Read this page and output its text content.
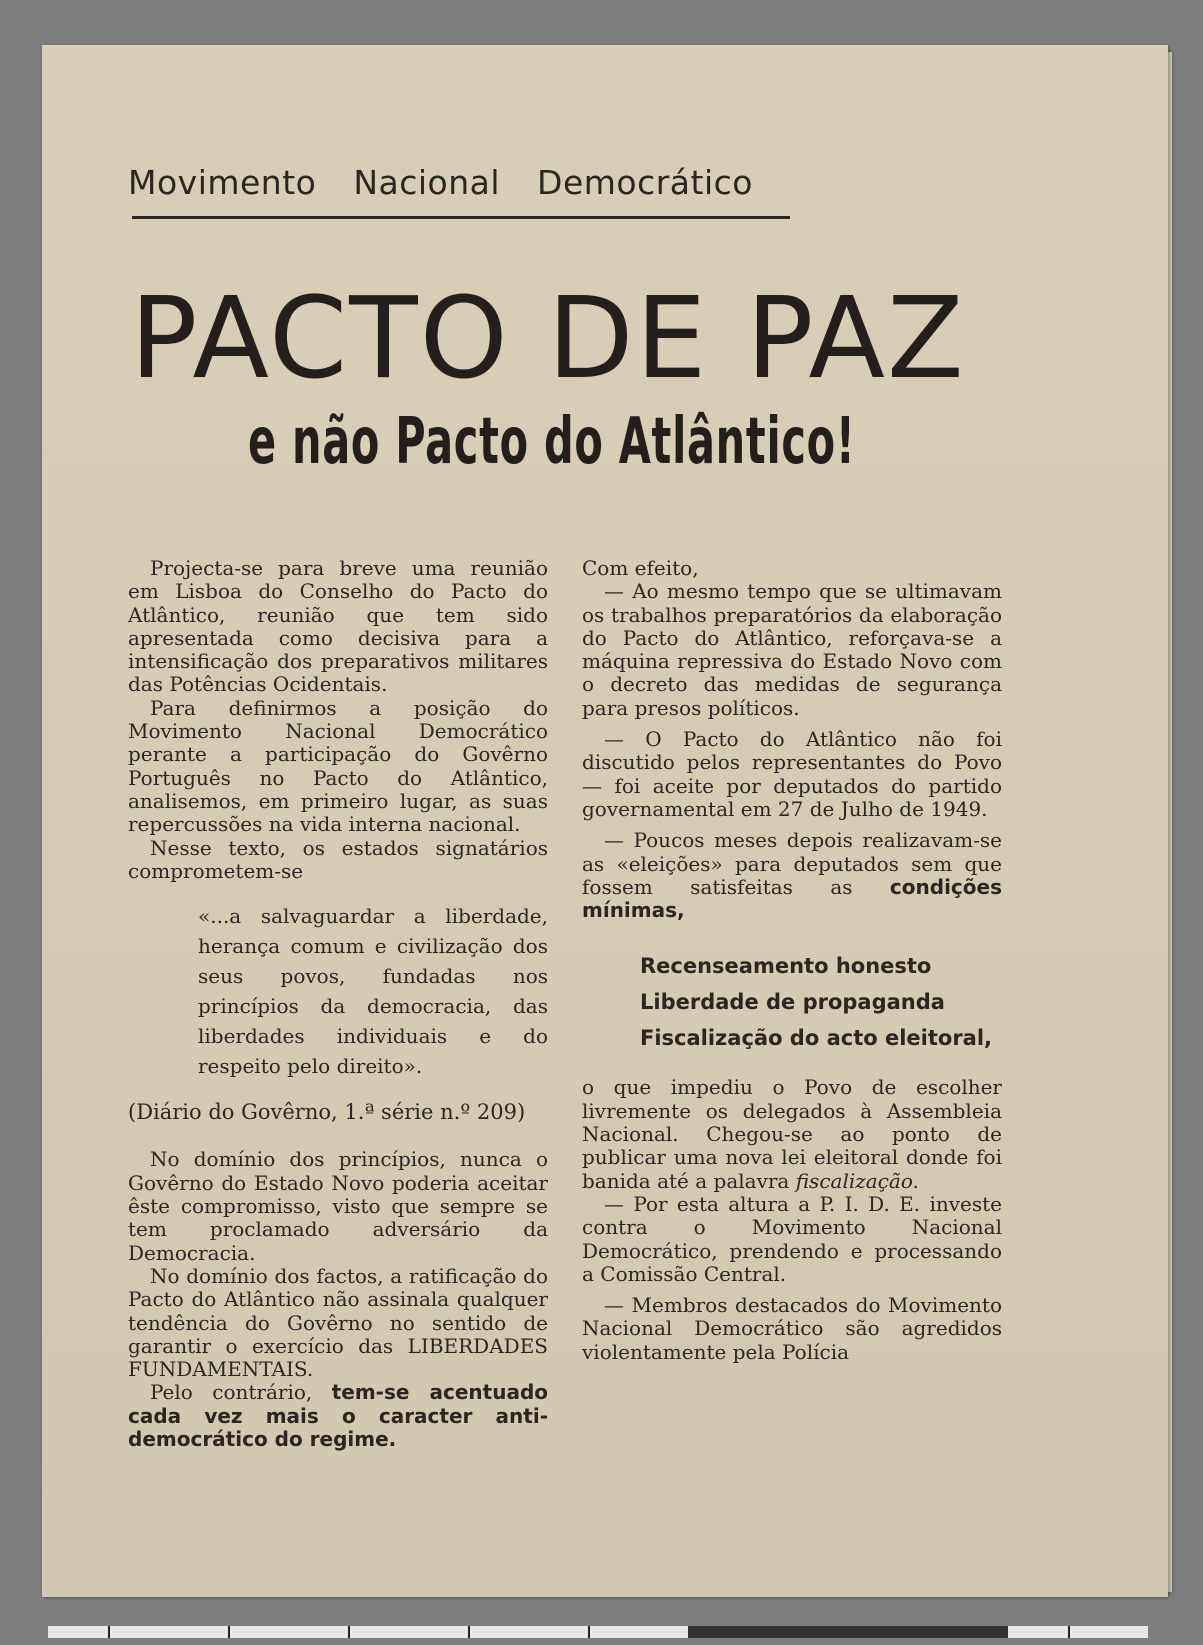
Movimento Nacional Democrático
PACTO DE PAZ
e não Pacto do Atlântico!

Projecta-se para breve uma reunião em Lisboa do Conselho do Pacto do Atlântico, reunião que tem sido apresentada como decisiva para a intensificação dos preparativos militares das Potências Ocidentais.

Para definirmos a posição do Movimento Nacional Democrático perante a participação do Govêrno Português no Pacto do Atlântico, analisemos, em primeiro lugar, as suas repercussões na vida interna nacional.

Nesse texto, os estados signatários comprometem-se

«...a salvaguardar a liberdade, herança comum e civilização dos seus povos, fundadas nos princípios da democracia, das liberdades individuais e do respeito pelo direito».

(Diário do Govêrno, 1.ª série n.º 209)

No domínio dos princípios, nunca o Govêrno do Estado Novo poderia aceitar êste compromisso, visto que sempre se tem proclamado adversário da Democracia.

No domínio dos factos, a ratificação do Pacto do Atlântico não assinala qualquer tendência do Govêrno no sentido de garantir o exercício das LIBERDADES FUNDAMENTAIS.

Pelo contrário, tem-se acentuado cada vez mais o caracter anti-democrático do regime.

Com efeito,

— Ao mesmo tempo que se ultimavam os trabalhos preparatórios da elaboração do Pacto do Atlântico, reforçava-se a máquina repressiva do Estado Novo com o decreto das medidas de segurança para presos políticos.

— O Pacto do Atlântico não foi discutido pelos representantes do Povo — foi aceite por deputados do partido governamental em 27 de Julho de 1949.

— Poucos meses depois realizavam-se as «eleições» para deputados sem que fossem satisfeitas as condições mínimas,

Recenseamento honesto
Liberdade de propaganda
Fiscalização do acto eleitoral,

o que impediu o Povo de escolher livremente os delegados à Assembleia Nacional. Chegou-se ao ponto de publicar uma nova lei eleitoral donde foi banida até a palavra fiscalização.

— Por esta altura a P. I. D. E. investe contra o Movimento Nacional Democrático, prendendo e processando a Comissão Central.

— Membros destacados do Movimento Nacional Democrático são agredidos violentamente pela Polícia
